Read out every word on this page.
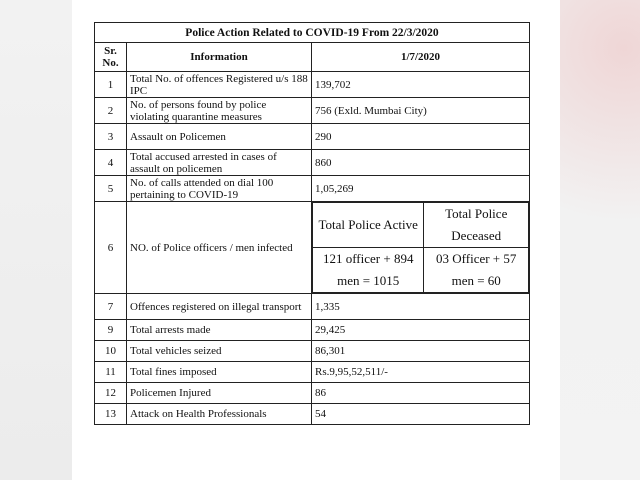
Police Action Related to COVID-19 From 22/3/2020
Sr. No.	Information	1/7/2020
1	Total No. of offences Registered u/s 188 IPC	139,702
2	No. of persons found by police violating quarantine measures	756 (Exld. Mumbai City)
3	Assault on Policemen	290
4	Total accused arrested in cases of assault on policemen	860
5	No. of calls attended on dial 100 pertaining to COVID-19	1,05,269
6	NO. of Police officers / men infected	
Total Police Active	Total Police Deceased
121 officer + 894 men = 1015	03 Officer + 57 men = 60

7	Offences registered on illegal transport	1,335
9	Total arrests made	29,425
10	Total vehicles seized	86,301
11	Total fines imposed	Rs.9,95,52,511/-
12	Policemen Injured	86
13	Attack on Health Professionals	54
